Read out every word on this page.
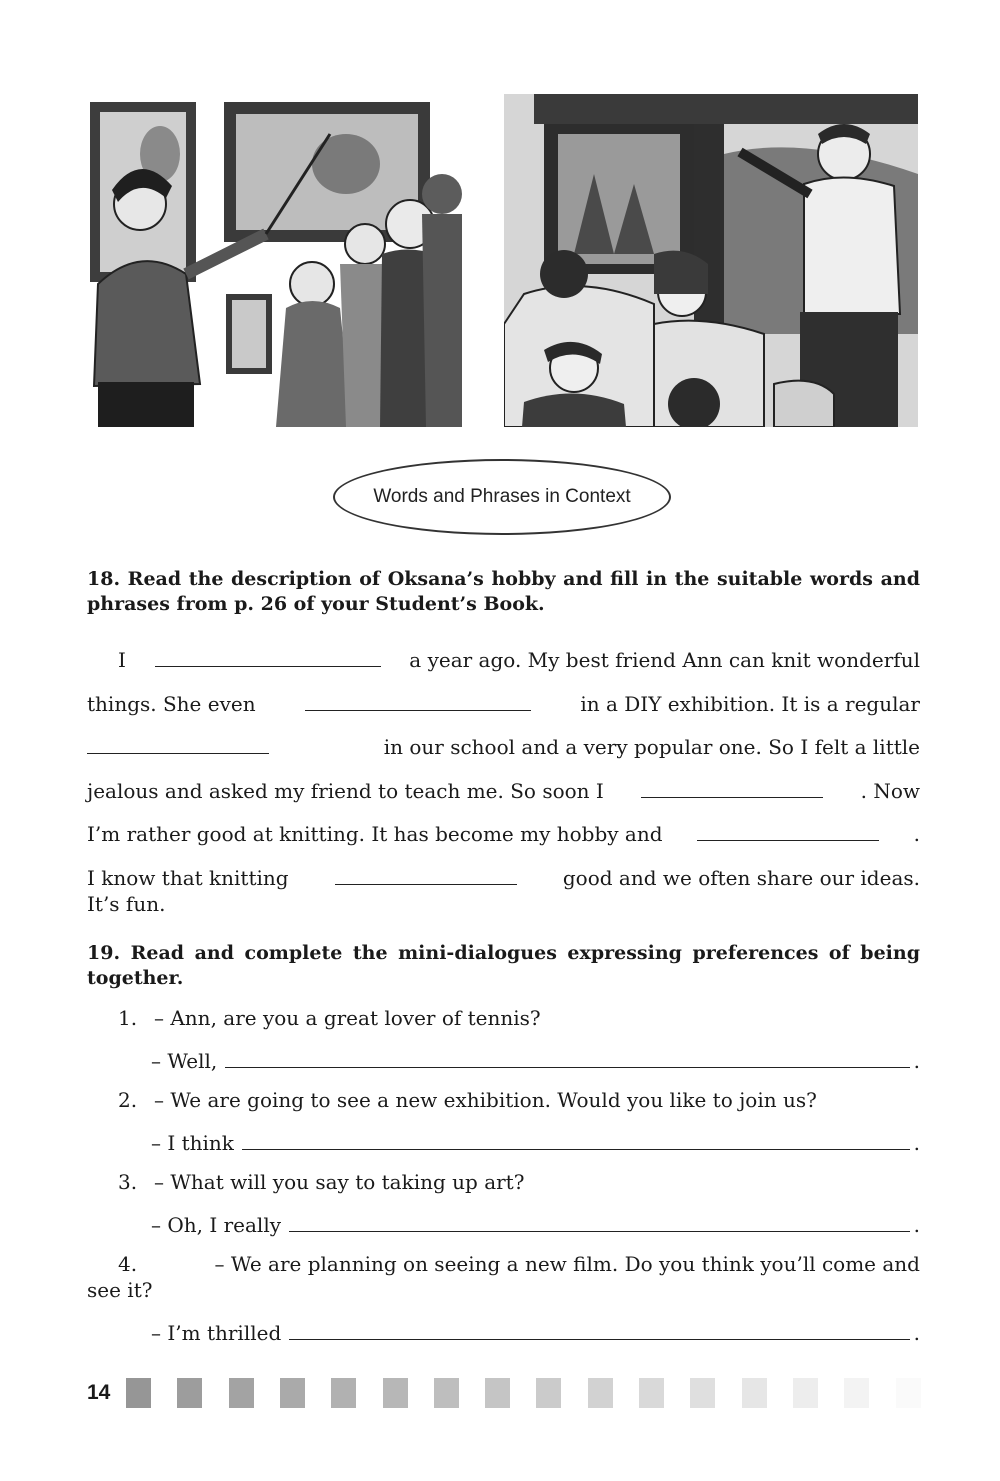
Words and Phrases in Context
18. Read the description of Oksana’s hobby and fill in the suitable words and phrases from p. 26 of your Student’s Book.
I	a year ago. My best friend Ann can knit wonderful
things. She even	in a DIY exhibition. It is a regular
in our school and a very popular one. So I felt a little
jealous and asked my friend to teach me. So soon I	. Now
I’m rather good at knitting. It has become my hobby and	.
I know that knitting	good and we often share our ideas.
It’s fun.
19. Read and complete the mini-dialogues expressing preferences of being together.
1. – Ann, are you a great lover of tennis?
– Well,	.
2. – We are going to see a new exhibition. Would you like to join us?
– I think	.
3. – What will you say to taking up art?
– Oh, I really	.
4.	– We are planning on seeing a new film. Do you think you’ll come and
see it?
– I’m thrilled	.
14
